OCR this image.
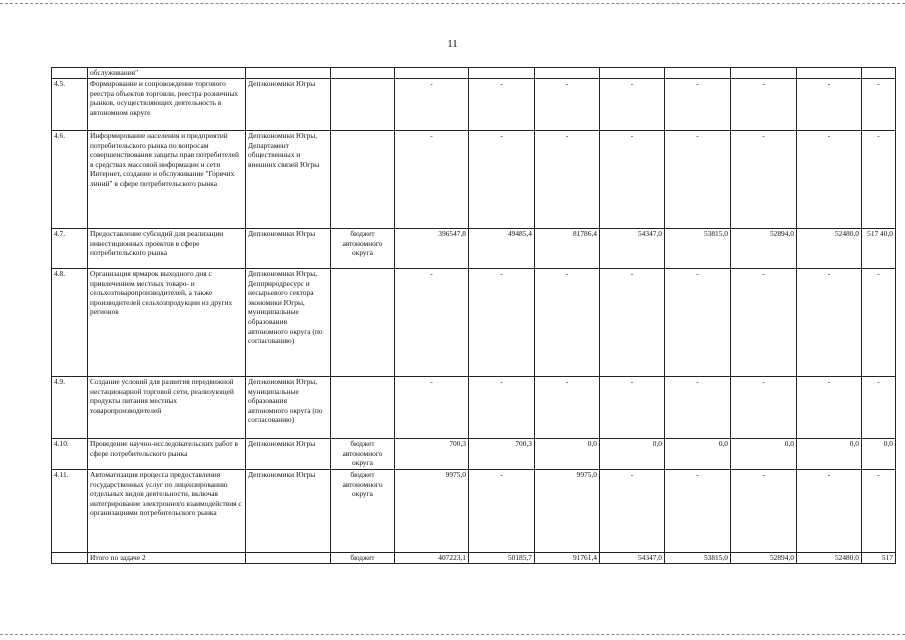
11
	обслуживания"										
4.5.	Формирование и сопровождение торгового реестра объектов торговли, реестра розничных рынков, осуществляющих деятельность в автономном округе	Депэкономики Югры		-	-	-	-	-	-	-	-
4.6.	Информирование населения и предприятий потребительского рынка по вопросам совершенствования защиты прав потребителей в средствах массовой информации и сети Интернет, создание и обслуживание "Горячих линий" в сфере потребительского рынка	Депэкономики Югры, Департамент общественных и внешних связей Югры		-	-	-	-	-	-	-	-
4.7.	Предоставление субсидий для реализации инвестиционных проектов в сфере потребительского рынка	Депэкономики Югры	бюджет автономного округа	396547,8	49485,4	81786,4	54347,0	53815,0	52894,0	52480,0	517 40,0
4.8.	Организация ярмарок выходного дня с привлечением местных товаро- и сельхозтоваропроизводителей, а также производителей сельхозпродукции из других регионов	Депэкономики Югры, Депприродресурс и несырьевого сектора экономики Югры, муниципальные образования автономного округа (по согласованию)		-	-	-	-	-	-	-	-
4.9.	Создание условий для развития передвижной нестационарной торговой сети, реализующей продукты питания местных товаропроизводителей	Депэкономики Югры, муниципальные образования автономного округа (по согласованию)		-	-	-	-	-	-	-	-
4.10.	Проведение научно-исследовательских работ в сфере потребительского рынка	Депэкономики Югры	бюджет автономного округа	700,3	700,3	0,0	0,0	0,0	0,0	0,0	0,0
4.11.	Автоматизация процесса предоставления государственных услуг по лицензированию отдельных видов деятельности, включая интегрирование электронного взаимодействия с организациями потребительского рынка	Депэкономики Югры	бюджет автономного округа	9975,0	-	9975,0	-	-	-	-	-
	Итого по задаче 2		бюджет	407223,1	50185,7	91761,4	54347,0	53815,0	52894,0	52480,0	517
